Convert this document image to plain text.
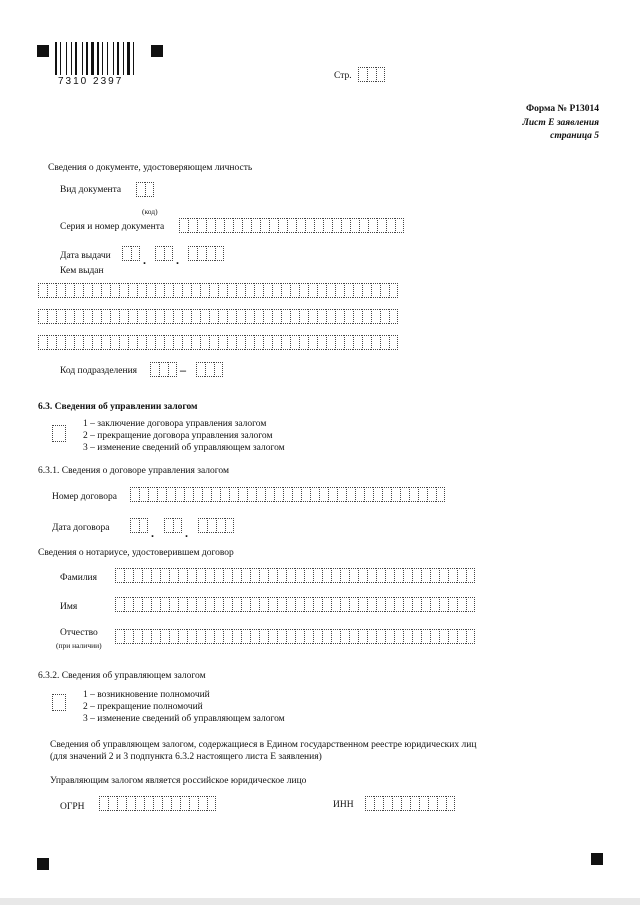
7310 2397	Стр.
Форма № Р13014
Лист Е заявления
страница 5
Сведения о документе, удостоверяющем личность
Вид документа
(код)
Серия и номер документа
Дата выдачи	.	.
Кем выдан
Код подразделения	–
6.3. Сведения об управлении залогом
1 – заключение договора управления залогом
2 – прекращение договора управления залогом
3 – изменение сведений об управляющем залогом
6.3.1. Сведения о договоре управления залогом
Номер договора
Дата договора	.	.
Сведения о нотариусе, удостоверившем договор
Фамилия
Имя
Отчество
(при наличии)
6.3.2. Сведения об управляющем залогом
1 – возникновение полномочий
2 – прекращение полномочий
3 – изменение сведений об управляющем залогом
Сведения об управляющем залогом, содержащиеся в Едином государственном реестре юридических лиц
(для значений 2 и 3 подпункта 6.3.2 настоящего листа Е заявления)
Управляющим залогом является российское юридическое лицо
ОГРН	ИНН
